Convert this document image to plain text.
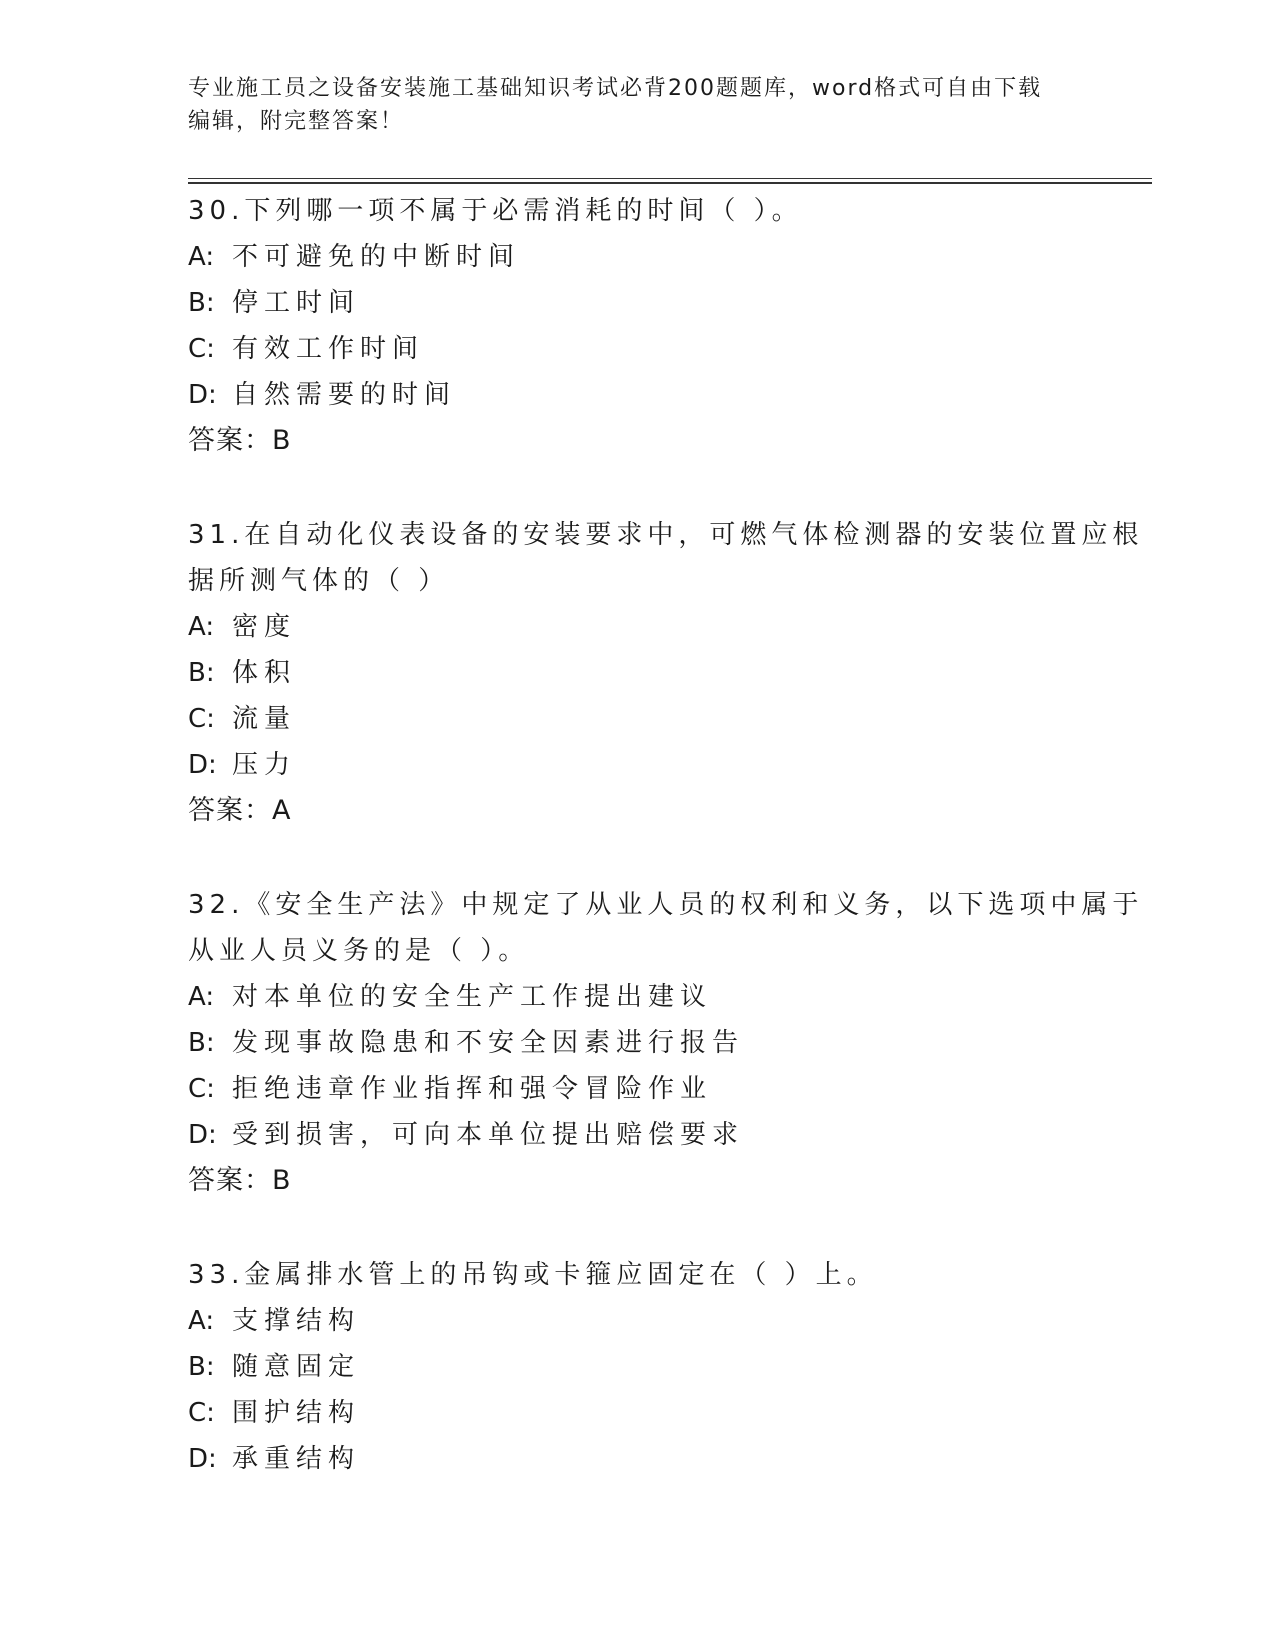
专业施工员之设备安装施工基础知识考试必背200题题库，word格式可自由下载
编辑，附完整答案！
30.下列哪一项不属于必需消耗的时间（ ）。
A: 不可避免的中断时间
B: 停工时间
C: 有效工作时间
D: 自然需要的时间
答案：B
31.在自动化仪表设备的安装要求中，可燃气体检测器的安装位置应根
据所测气体的（ ）
A: 密度
B: 体积
C: 流量
D: 压力
答案：A
32.《安全生产法》中规定了从业人员的权利和义务，以下选项中属于
从业人员义务的是（ ）。
A: 对本单位的安全生产工作提出建议
B: 发现事故隐患和不安全因素进行报告
C: 拒绝违章作业指挥和强令冒险作业
D: 受到损害，可向本单位提出赔偿要求
答案：B
33.金属排水管上的吊钩或卡箍应固定在（ ）上。
A: 支撑结构
B: 随意固定
C: 围护结构
D: 承重结构
